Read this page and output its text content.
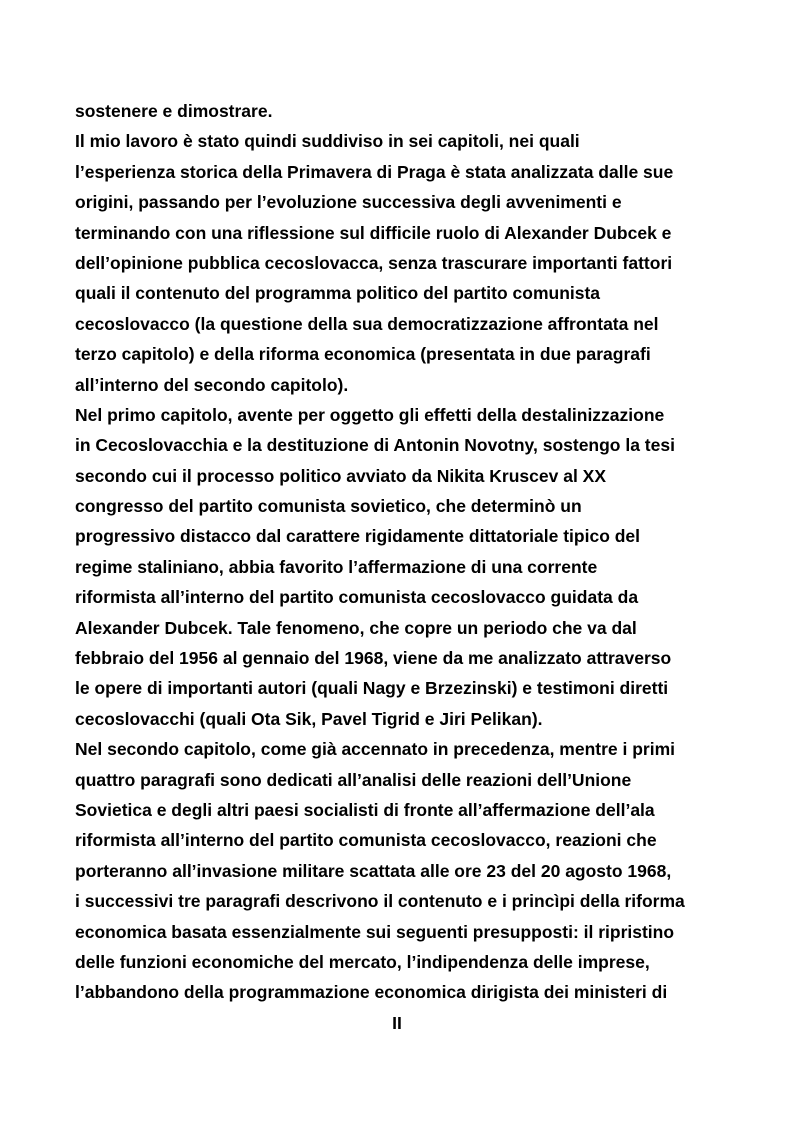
sostenere e dimostrare.
Il mio lavoro è stato quindi suddiviso in sei capitoli, nei quali
l’esperienza storica della Primavera di Praga è stata analizzata dalle sue
origini, passando per l’evoluzione successiva degli avvenimenti e
terminando con una riflessione sul difficile ruolo di Alexander Dubcek e
dell’opinione pubblica cecoslovacca, senza trascurare importanti fattori
quali il contenuto del programma politico del partito comunista
cecoslovacco (la questione della sua democratizzazione affrontata nel
terzo capitolo) e della riforma economica (presentata in due paragrafi
all’interno del secondo capitolo).
Nel primo capitolo, avente per oggetto gli effetti della destalinizzazione
in Cecoslovacchia e la destituzione di Antonin Novotny, sostengo la tesi
secondo cui il processo politico avviato da Nikita Kruscev al XX
congresso del partito comunista sovietico, che determinò un
progressivo distacco dal carattere rigidamente dittatoriale tipico del
regime staliniano, abbia favorito l’affermazione di una corrente
riformista all’interno del partito comunista cecoslovacco guidata da
Alexander Dubcek. Tale fenomeno, che copre un periodo che va dal
febbraio del 1956 al gennaio del 1968, viene da me analizzato attraverso
le opere di importanti autori (quali Nagy e Brzezinski) e testimoni diretti
cecoslovacchi (quali Ota Sik, Pavel Tigrid e Jiri Pelikan).
Nel secondo capitolo, come già accennato in precedenza, mentre i primi
quattro paragrafi sono dedicati all’analisi delle reazioni dell’Unione
Sovietica e degli altri paesi socialisti di fronte all’affermazione dell’ala
riformista all’interno del partito comunista cecoslovacco, reazioni che
porteranno all’invasione militare scattata alle ore 23 del 20 agosto 1968,
i successivi tre paragrafi descrivono il contenuto e i princìpi della riforma
economica basata essenzialmente sui seguenti presupposti: il ripristino
delle funzioni economiche del mercato, l’indipendenza delle imprese,
l’abbandono della programmazione economica dirigista dei ministeri di
II
